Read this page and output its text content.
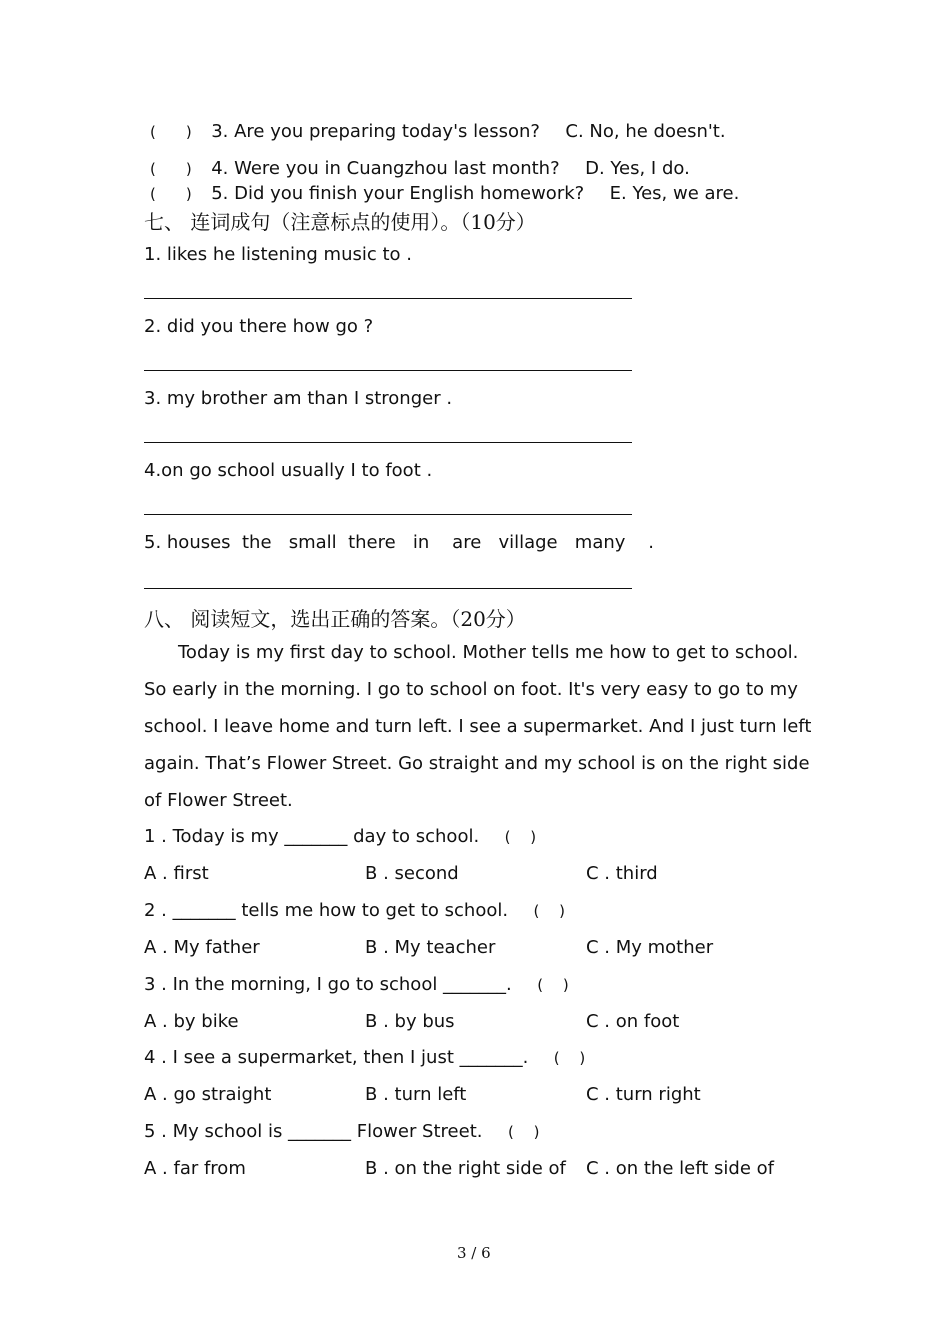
(　　) 3. Are you preparing today's lesson? C. No, he doesn't.
(　　) 4. Were you in Cuangzhou last month? D. Yes, I do.
(　　) 5. Did you finish your English homework? E. Yes, we are.
七、 连词成句（注意标点的使用）。（10分）
1. likes he listening music to .
2. did you there how go ?
3. my brother am than I stronger .
4.on go school usually I to foot .
5. houses  the   small  there   in    are   village   many    .
八、 阅读短文，选出正确的答案。（20分）
Today is my first day to school. Mother tells me how to get to school. So early in the morning. I go to school on foot. It's very easy to go to my school. I leave home and turn left. I see a supermarket. And I just turn left again. That’s Flower Street. Go straight and my school is on the right side of Flower Street.
1 . Today is my _______ day to school. (　 )
A . first	B . second	C . third
2 . _______ tells me how to get to school. (　 )
A . My father	B . My teacher	C . My mother
3 . In the morning, I go to school _______. (　 )
A . by bike	B . by bus	C . on foot
4 . I see a supermarket, then I just _______. (　 )
A . go straight	B . turn left	C . turn right
5 . My school is _______ Flower Street. (　 )
A . far from	B . on the right side of C . on the left side of
3 / 6
